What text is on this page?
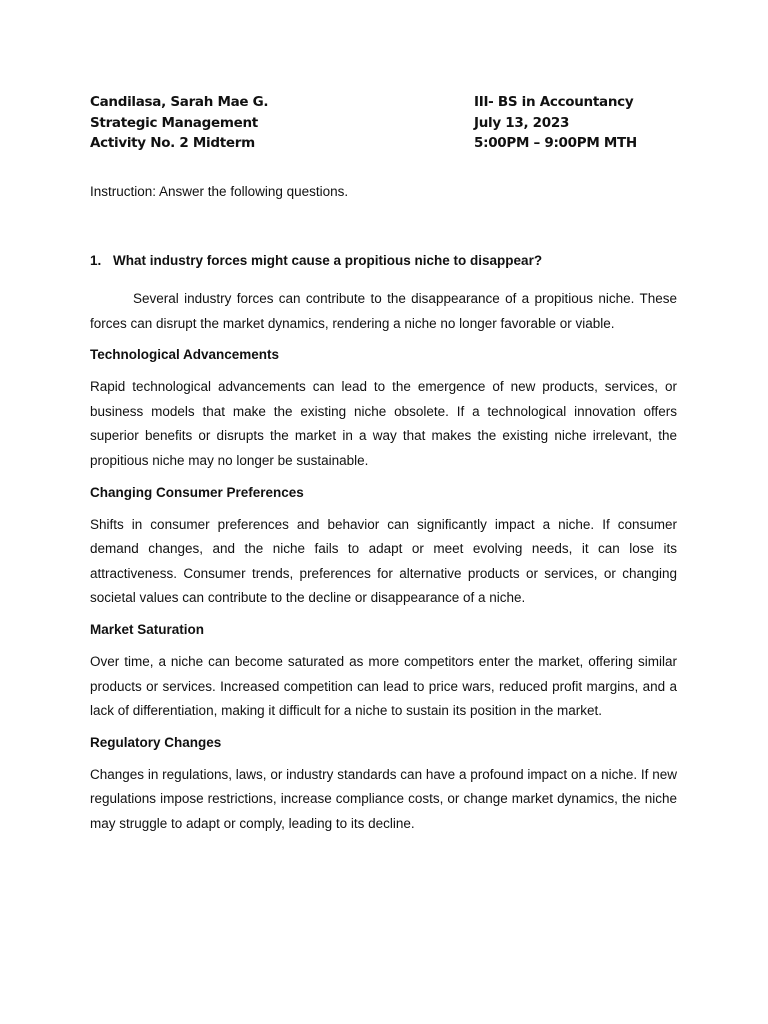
Candilasa, Sarah Mae G.
Strategic Management
Activity No. 2 Midterm
III- BS in Accountancy
July 13, 2023
5:00PM – 9:00PM MTH
Instruction: Answer the following questions.
1. What industry forces might cause a propitious niche to disappear?

Several industry forces can contribute to the disappearance of a propitious niche. These forces can disrupt the market dynamics, rendering a niche no longer favorable or viable.

Technological Advancements

Rapid technological advancements can lead to the emergence of new products, services, or business models that make the existing niche obsolete. If a technological innovation offers superior benefits or disrupts the market in a way that makes the existing niche irrelevant, the propitious niche may no longer be sustainable.

Changing Consumer Preferences

Shifts in consumer preferences and behavior can significantly impact a niche. If consumer demand changes, and the niche fails to adapt or meet evolving needs, it can lose its attractiveness. Consumer trends, preferences for alternative products or services, or changing societal values can contribute to the decline or disappearance of a niche.

Market Saturation

Over time, a niche can become saturated as more competitors enter the market, offering similar products or services. Increased competition can lead to price wars, reduced profit margins, and a lack of differentiation, making it difficult for a niche to sustain its position in the market.

Regulatory Changes

Changes in regulations, laws, or industry standards can have a profound impact on a niche. If new regulations impose restrictions, increase compliance costs, or change market dynamics, the niche may struggle to adapt or comply, leading to its decline.
